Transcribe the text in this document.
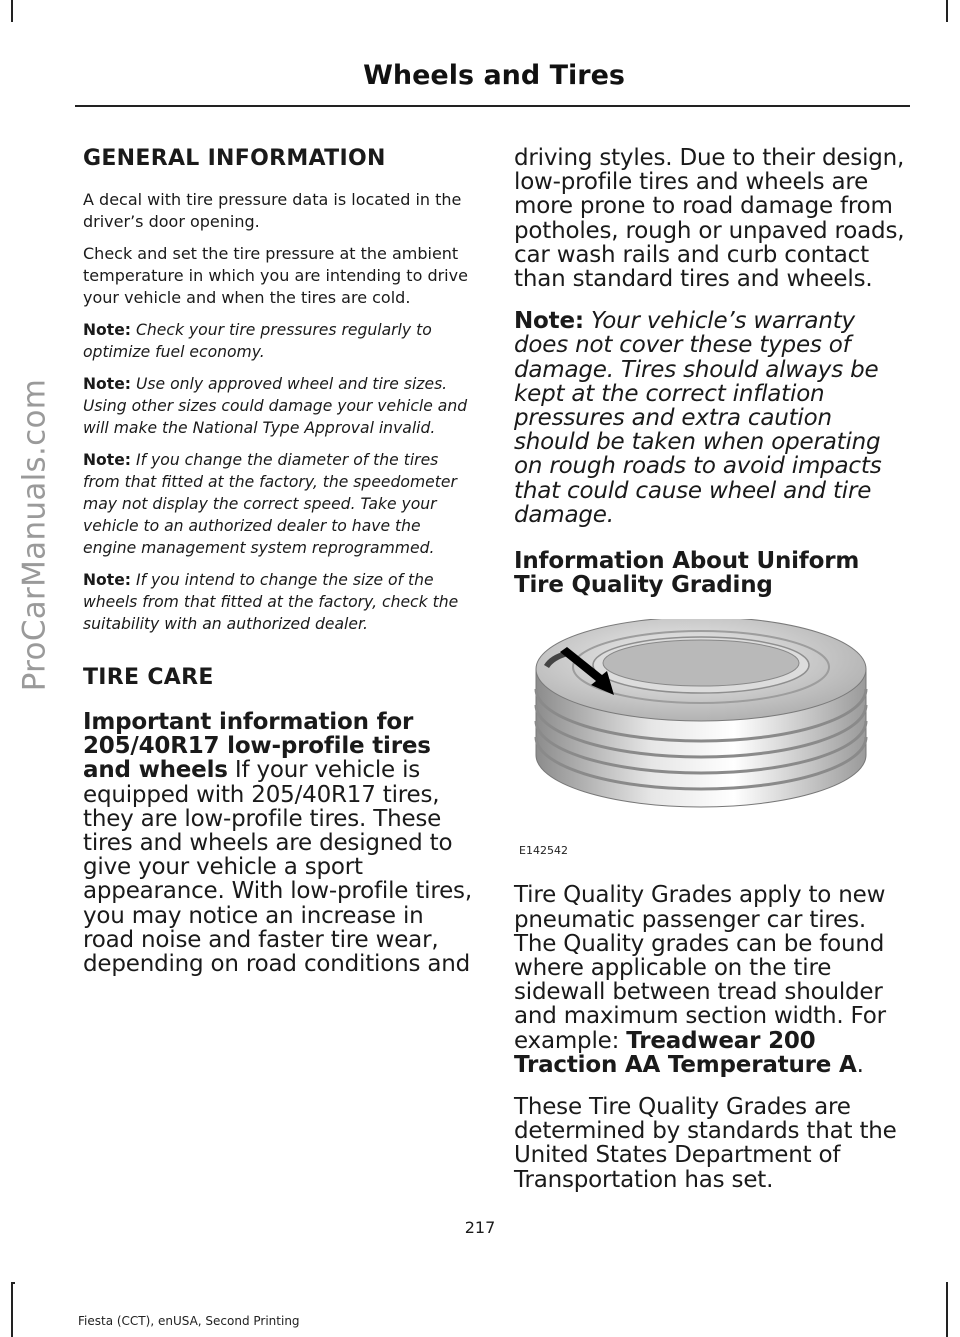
ProCarManuals.com
Wheels and Tires
GENERAL INFORMATION

A decal with tire pressure data is located in the driver’s door opening.

Check and set the tire pressure at the ambient temperature in which you are intending to drive your vehicle and when the tires are cold.

Note: Check your tire pressures regularly to optimize fuel economy.

Note: Use only approved wheel and tire sizes. Using other sizes could damage your vehicle and will make the National Type Approval invalid.

Note: If you change the diameter of the tires from that fitted at the factory, the speedometer may not display the correct speed. Take your vehicle to an authorized dealer to have the engine management system reprogrammed.

Note: If you intend to change the size of the wheels from that fitted at the factory, check the suitability with an authorized dealer.

TIRE CARE

Important information for 205/40R17 low-profile tires and wheels If your vehicle is equipped with 205/40R17 tires, they are low-profile tires. These tires and wheels are designed to give your vehicle a sport appearance. With low-profile tires, you may notice an increase in road noise and faster tire wear, depending on road conditions and

driving styles. Due to their design, low-profile tires and wheels are more prone to road damage from potholes, rough or unpaved roads, car wash rails and curb contact than standard tires and wheels.

Note: Your vehicle’s warranty does not cover these types of damage. Tires should always be kept at the correct inflation pressures and extra caution should be taken when operating on rough roads to avoid impacts that could cause wheel and tire damage.

Information About Uniform Tire Quality Grading

E142542

Tire Quality Grades apply to new pneumatic passenger car tires. The Quality grades can be found where applicable on the tire sidewall between tread shoulder and maximum section width. For example: Treadwear 200 Traction AA Temperature A.

These Tire Quality Grades are determined by standards that the United States Department of Transportation has set.

217
Fiesta (CCT), enUSA, Second Printing
